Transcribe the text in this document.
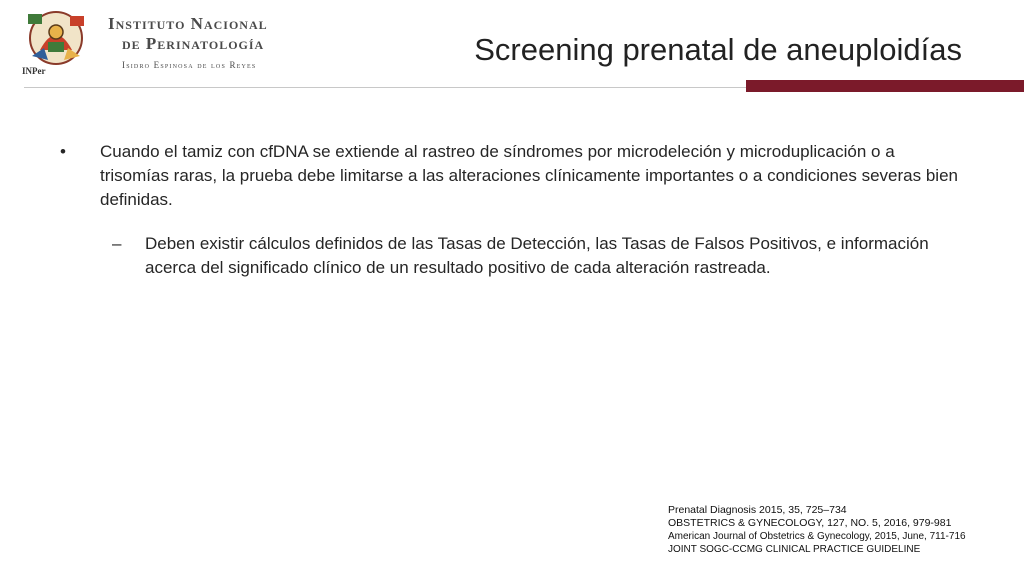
INPer
Instituto Nacional
de Perinatología
Isidro Espinosa de los Reyes	Screening prenatal de aneuploidías
• Cuando el tamiz con cfDNA se extiende al rastreo de síndromes por microdeleción y microduplicación o a trisomías raras, la prueba debe limitarse a las alteraciones clínicamente importantes o a condiciones severas bien definidas.
– Deben existir cálculos definidos de las Tasas de Detección, las Tasas de Falsos Positivos, e información acerca del significado clínico de un resultado positivo de cada alteración rastreada.
Prenatal Diagnosis 2015, 35, 725–734
OBSTETRICS & GYNECOLOGY, 127, NO. 5, 2016, 979-981
American Journal of Obstetrics & Gynecology, 2015, June, 711-716
JOINT SOGC-CCMG CLINICAL PRACTICE GUIDELINE
